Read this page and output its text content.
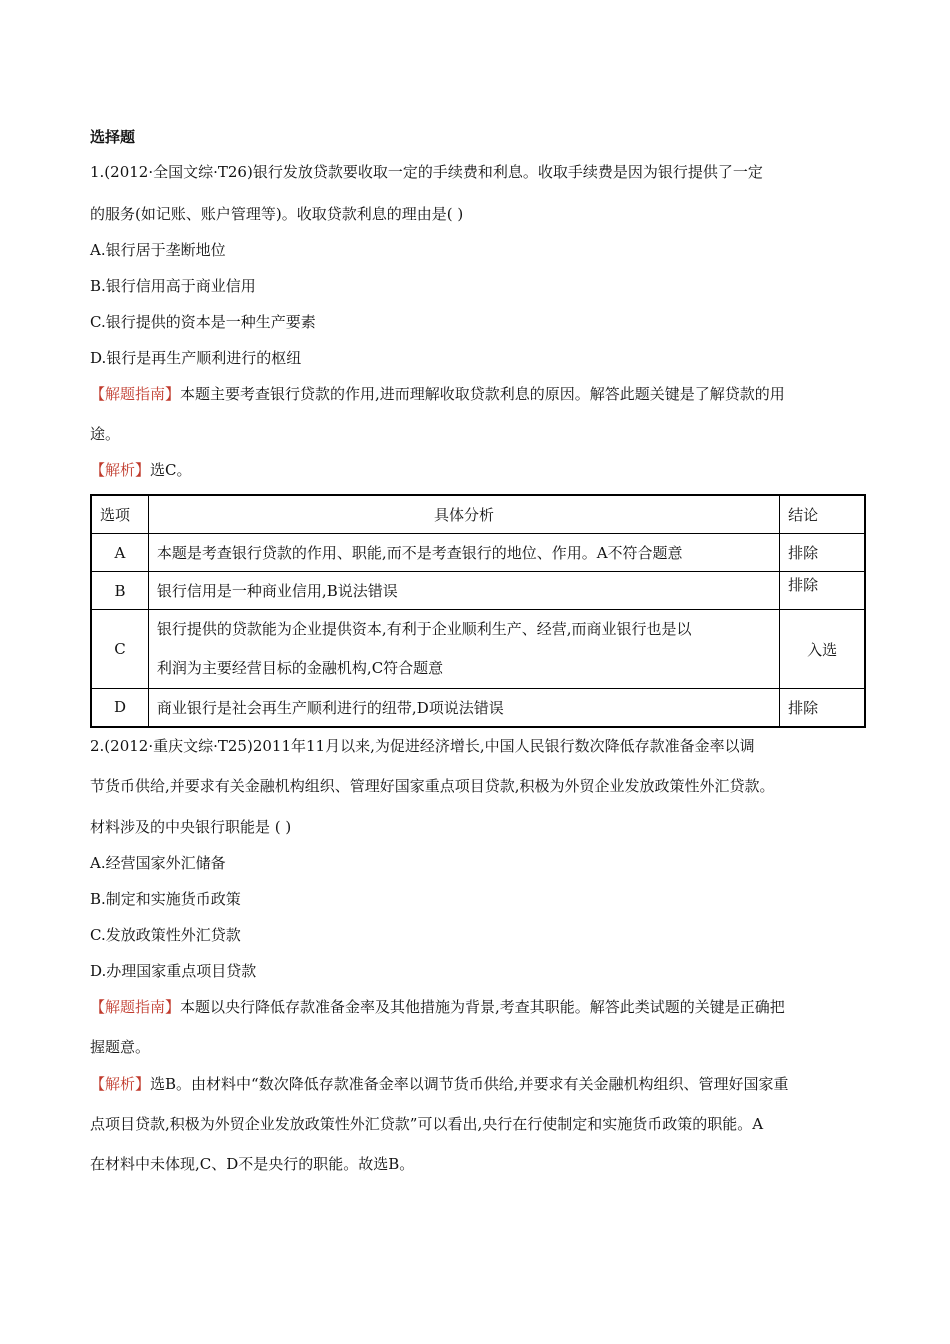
选择题
1.(2012·全国文综·T26)银行发放贷款要收取一定的手续费和利息。收取手续费是因为银行提供了一定
的服务(如记账、账户管理等)。收取贷款利息的理由是( )
A.银行居于垄断地位
B.银行信用高于商业信用
C.银行提供的资本是一种生产要素
D.银行是再生产顺利进行的枢纽
【解题指南】本题主要考查银行贷款的作用,进而理解收取贷款利息的原因。解答此题关键是了解贷款的用
途。
【解析】选C。
选项	具体分析	结论
A	本题是考查银行贷款的作用、职能,而不是考查银行的地位、作用。A不符合题意	排除
B	银行信用是一种商业信用,B说法错误	排除
C	银行提供的贷款能为企业提供资本,有利于企业顺利生产、经营,而商业银行也是以
利润为主要经营目标的金融机构,C符合题意	入选
D	商业银行是社会再生产顺利进行的纽带,D项说法错误	排除
2.(2012·重庆文综·T25)2011年11月以来,为促进经济增长,中国人民银行数次降低存款准备金率以调
节货币供给,并要求有关金融机构组织、管理好国家重点项目贷款,积极为外贸企业发放政策性外汇贷款。
材料涉及的中央银行职能是 ( )
A.经营国家外汇储备
B.制定和实施货币政策
C.发放政策性外汇贷款
D.办理国家重点项目贷款
【解题指南】本题以央行降低存款准备金率及其他措施为背景,考查其职能。解答此类试题的关键是正确把
握题意。
【解析】选B。由材料中“数次降低存款准备金率以调节货币供给,并要求有关金融机构组织、管理好国家重
点项目贷款,积极为外贸企业发放政策性外汇贷款”可以看出,央行在行使制定和实施货币政策的职能。A
在材料中未体现,C、D不是央行的职能。故选B。
